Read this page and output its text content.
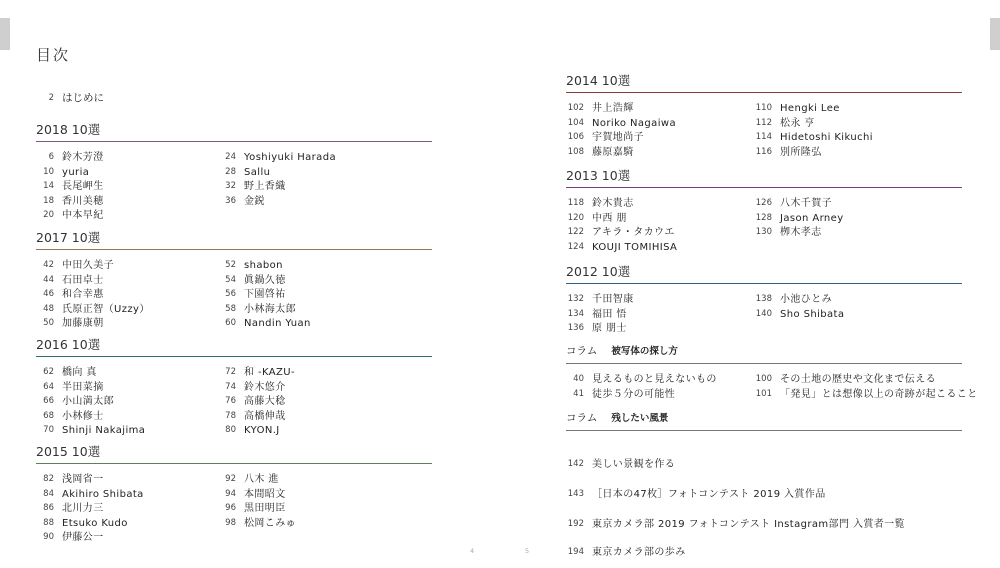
目次
2 はじめに
2018 10選
6 鈴木芳澄
10 yuria
14 長尾岬生
18 香川美穂
20 中本早紀
24 Yoshiyuki Harada
28 Sallu
32 野上香織
36 金鋭
2017 10選
42 中田久美子
44 石田卓士
46 和合幸惠
48 氏原正智（Uzzy）
50 加藤康朝
52 shabon
54 眞鍋久徳
56 下園啓祐
58 小林海太郎
60 Nandin Yuan
2016 10選
62 橋向 真
64 半田菜摘
66 小山満太郎
68 小林修士
70 Shinji Nakajima
72 和 -KAZU-
74 鈴木悠介
76 高藤大稔
78 高橋伸哉
80 KYON.J
2015 10選
82 浅岡省一
84 Akihiro Shibata
86 北川力三
88 Etsuko Kudo
90 伊藤公一
92 八木 進
94 本間昭文
96 黒田明臣
98 松岡こみゅ
4	5
2014 10選
102 井上浩輝
104 Noriko Nagaiwa
106 宇賀地尚子
108 藤原嘉騎
110 Hengki Lee
112 松永 亨
114 Hidetoshi Kikuchi
116 別所隆弘
2013 10選
118 鈴木貴志
120 中西 朋
122 アキラ・タカウエ
124 KOUJI TOMIHISA
126 八木千賀子
128 Jason Arney
130 栁木孝志
2012 10選
132 千田智康
134 福田 悟
136 原 朋士
138 小池ひとみ
140 Sho Shibata
コラム 被写体の探し方
40 見えるものと見えないもの
41 徒歩５分の可能性
100 その土地の歴史や文化まで伝える
101 「発見」とは想像以上の奇跡が起こること
コラム 残したい風景
142 美しい景観を作る
143 ［日本の47枚］フォトコンテスト 2019 入賞作品
192 東京カメラ部 2019 フォトコンテスト Instagram部門 入賞者一覧
194 東京カメラ部の歩み
